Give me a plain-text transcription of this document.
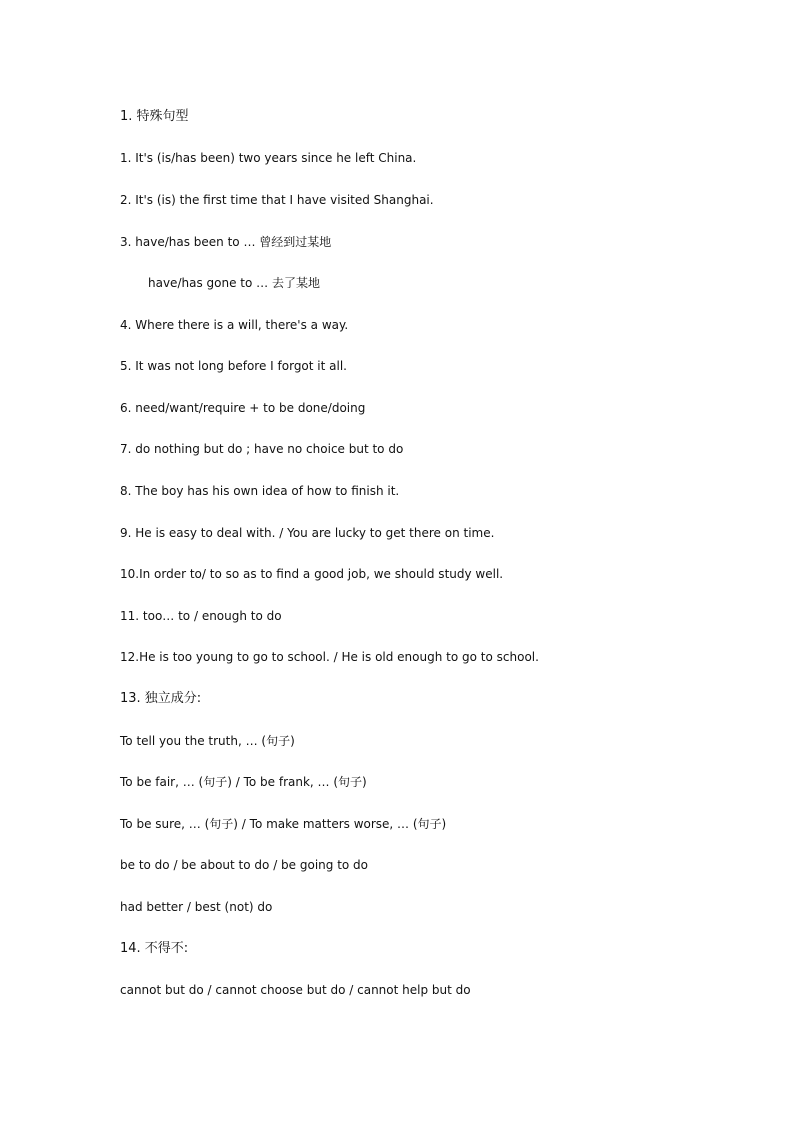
1. 特殊句型
1. It's (is/has been) two years since he left China.
2. It's (is) the first time that I have visited Shanghai.
3. have/has been to … 曾经到过某地
have/has gone to … 去了某地
4. Where there is a will, there's a way.
5. It was not long before I forgot it all.
6. need/want/require + to be done/doing
7. do nothing but do ; have no choice but to do
8. The boy has his own idea of how to finish it.
9. He is easy to deal with. / You are lucky to get there on time.
10.In order to/ to so as to find a good job, we should study well.
11. too… to / enough to do
12.He is too young to go to school. / He is old enough to go to school.
13. 独立成分:
To tell you the truth, … (句子)
To be fair, … (句子) / To be frank, … (句子)
To be sure, … (句子) / To make matters worse, … (句子)
be to do / be about to do / be going to do
had better / best (not) do
14. 不得不:
cannot but do / cannot choose but do / cannot help but do
